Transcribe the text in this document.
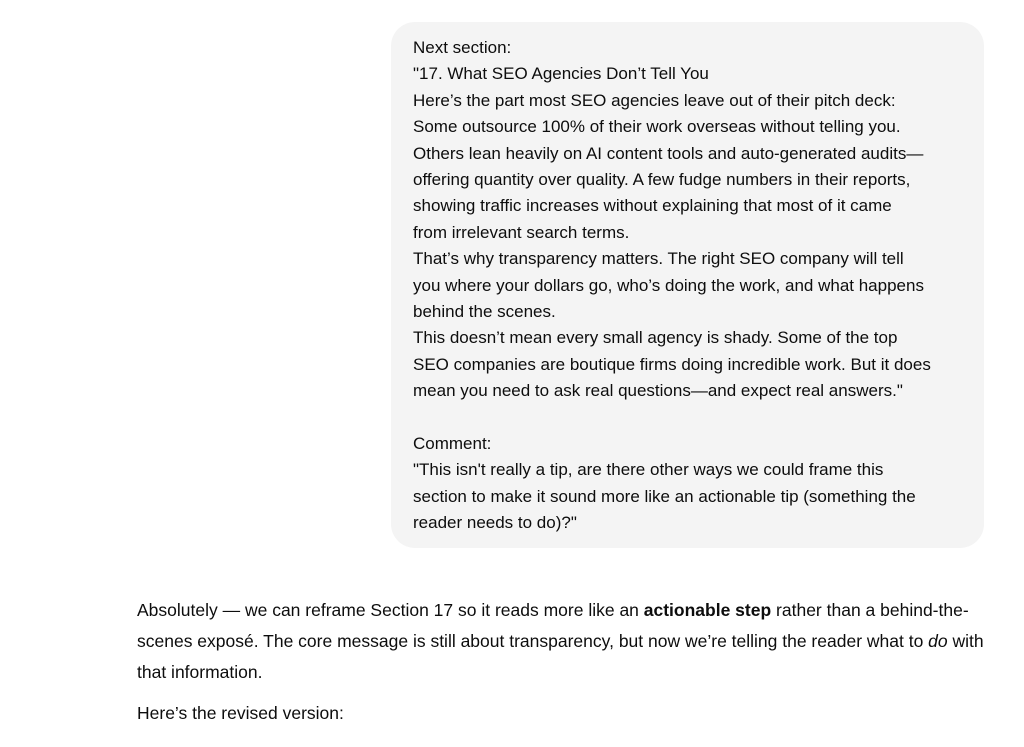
Next section:
"17. What SEO Agencies Don’t Tell You
Here’s the part most SEO agencies leave out of their pitch deck:
Some outsource 100% of their work overseas without telling you.
Others lean heavily on AI content tools and auto-generated audits—
offering quantity over quality. A few fudge numbers in their reports,
showing traffic increases without explaining that most of it came
from irrelevant search terms.
That’s why transparency matters. The right SEO company will tell
you where your dollars go, who’s doing the work, and what happens
behind the scenes.
This doesn’t mean every small agency is shady. Some of the top
SEO companies are boutique firms doing incredible work. But it does
mean you need to ask real questions—and expect real answers."
Comment:
"This isn't really a tip, are there other ways we could frame this
section to make it sound more like an actionable tip (something the
reader needs to do)?"

Absolutely — we can reframe Section 17 so it reads more like an actionable step rather than a behind-the-scenes exposé. The core message is still about transparency, but now we’re telling the reader what to do with that information.

Here’s the revised version:
